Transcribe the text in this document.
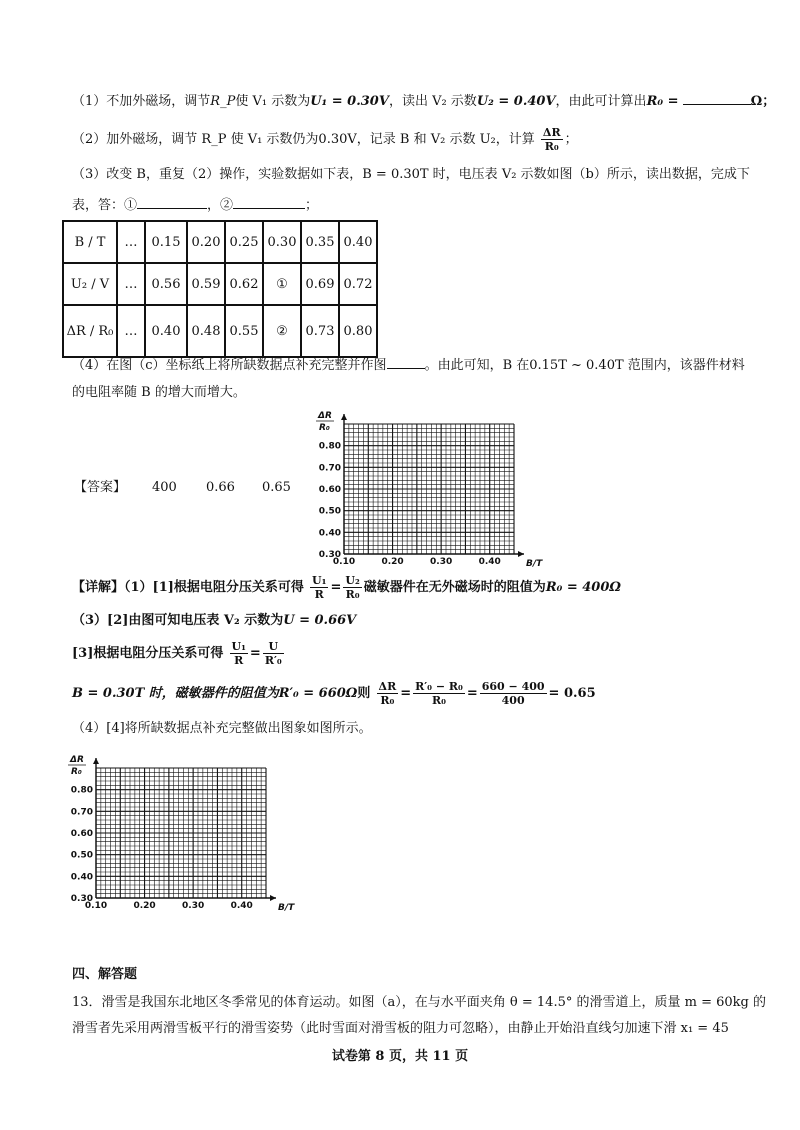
（1）不加外磁场，调节R_P使 V₁ 示数为U₁ = 0.30V，读出 V₂ 示数U₂ = 0.40V，由此可计算出R₀ =	Ω；
（2）加外磁场，调节 R_P 使 V₁ 示数仍为0.30V，记录 B 和 V₂ 示数 U₂，计算 $\frac{\Delta R}{\text{R₀}}$ ；
（3）改变 B，重复（2）操作，实验数据如下表，B = 0.30T 时，电压表 V₂ 示数如图（b）所示，读出数据，完成下
表，答：①	，②	；
B / T	…	0.15	0.20	0.25	0.30	0.35	0.40
U₂ / V	…	0.56	0.59	0.62	①	0.69	0.72
ΔR / R₀	…	0.40	0.48	0.55	②	0.73	0.80
（4）在图（c）坐标纸上将所缺数据点补充完整并作图	。由此可知，B 在0.15T ~ 0.40T 范围内，该器件材料
的电阻率随 B 的增大而增大。
【答案】 400 0.66 0.65
0.30
0.40
0.50
0.60
0.70
0.80
0.10	0.20	0.30	0.40	B/T
ΔR
R₀
【详解】（1）[1]根据电阻分压关系可得 $\frac{\text{U₁}}{R} = \frac{\text{U₂}}{\text{R₀}}$ 磁敏器件在无外磁场时的阻值为R₀ = 400Ω
（3）[2]由图可知电压表 V₂ 示数为U = 0.66V
[3]根据电阻分压关系可得 $\frac{\text{U₁}}{R} = \frac{U}{\text{R′₀}}$
B = 0.30T 时，磁敏器件的阻值为R′₀ = 660Ω则 $\frac{\Delta R}{\text{R₀}} = \frac{\text{R′₀ − R₀}}{\text{R₀}} = \frac{660 - 400}{400} = 0.65$
（4）[4]将所缺数据点补充完整做出图象如图所示。
0.30
0.40
0.50
0.60
0.70
0.80
0.10	0.20	0.30	0.40	B/T
ΔR
R₀
四、解答题
13．滑雪是我国东北地区冬季常见的体育运动。如图（a），在与水平面夹角 θ = 14.5° 的滑雪道上，质量 m = 60kg 的
滑雪者先采用两滑雪板平行的滑雪姿势（此时雪面对滑雪板的阻力可忽略），由静止开始沿直线匀加速下滑 x₁ = 45
试卷第 8 页，共 11 页
